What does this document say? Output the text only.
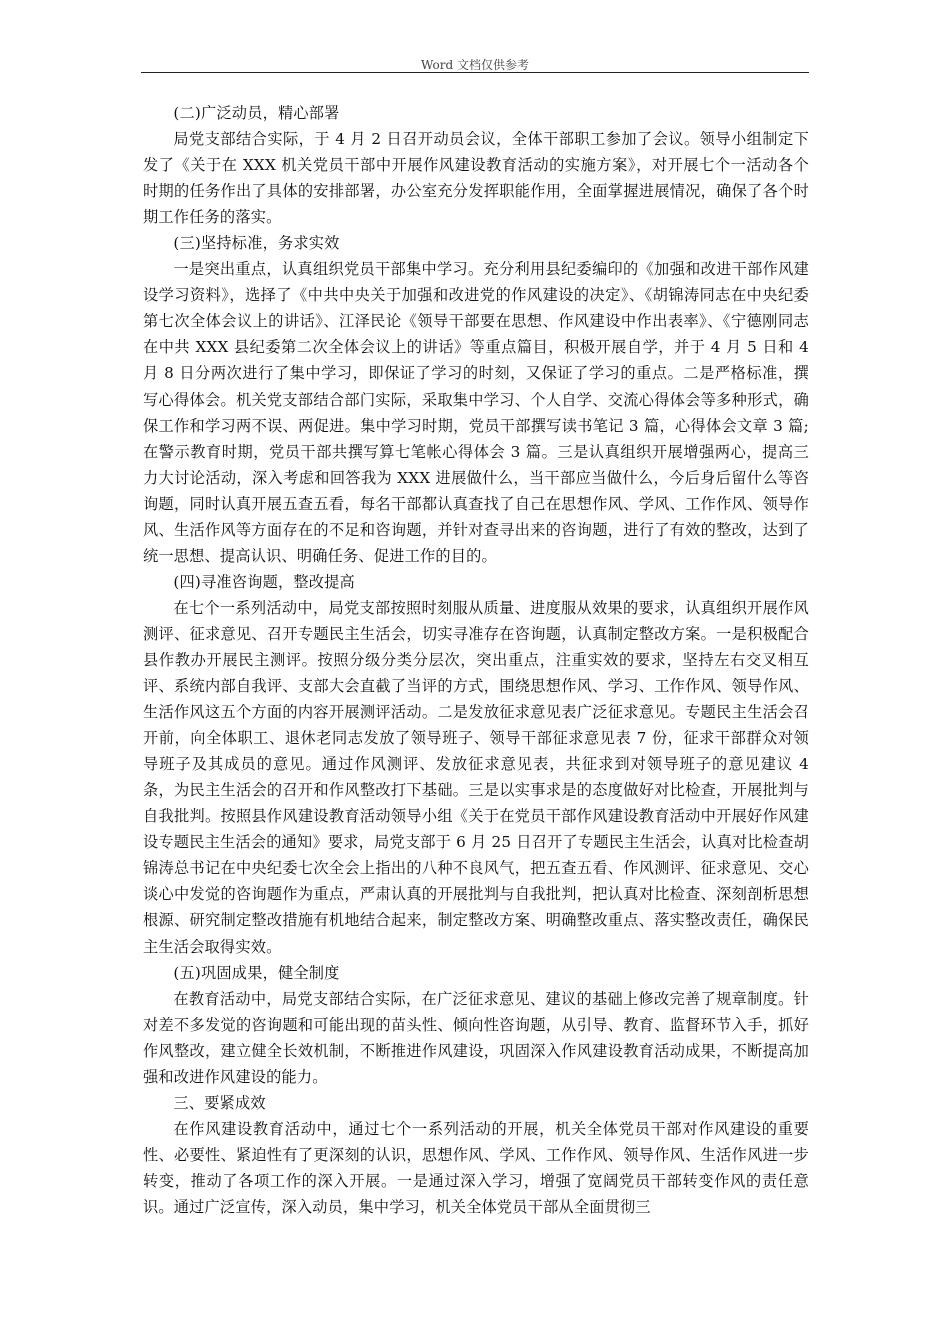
Word 文档仅供参考

(二)广泛动员，精心部署

局党支部结合实际，于 4 月 2 日召开动员会议，全体干部职工参加了会议。领导小组制定下发了《关于在 XXX 机关党员干部中开展作风建设教育活动的实施方案》，对开展七个一活动各个时期的任务作出了具体的安排部署，办公室充分发挥职能作用，全面掌握进展情况，确保了各个时期工作任务的落实。

(三)坚持标准，务求实效

一是突出重点，认真组织党员干部集中学习。充分利用县纪委编印的《加强和改进干部作风建设学习资料》，选择了《中共中央关于加强和改进党的作风建设的决定》、《胡锦涛同志在中央纪委第七次全体会议上的讲话》、江泽民论《领导干部要在思想、作风建设中作出表率》、《宁德刚同志在中共 XXX 县纪委第二次全体会议上的讲话》等重点篇目，积极开展自学，并于 4 月 5 日和 4 月 8 日分两次进行了集中学习，即保证了学习的时刻，又保证了学习的重点。二是严格标准，撰写心得体会。机关党支部结合部门实际，采取集中学习、个人自学、交流心得体会等多种形式，确保工作和学习两不误、两促进。集中学习时期，党员干部撰写读书笔记 3 篇，心得体会文章 3 篇;在警示教育时期，党员干部共撰写算七笔帐心得体会 3 篇。三是认真组织开展增强两心，提高三力大讨论活动，深入考虑和回答我为 XXX 进展做什么，当干部应当做什么，今后身后留什么等咨询题，同时认真开展五查五看，每名干部都认真查找了自己在思想作风、学风、工作作风、领导作风、生活作风等方面存在的不足和咨询题，并针对查寻出来的咨询题，进行了有效的整改，达到了统一思想、提高认识、明确任务、促进工作的目的。

(四)寻准咨询题，整改提高

在七个一系列活动中，局党支部按照时刻服从质量、进度服从效果的要求，认真组织开展作风测评、征求意见、召开专题民主生活会，切实寻准存在咨询题，认真制定整改方案。一是积极配合县作教办开展民主测评。按照分级分类分层次，突出重点，注重实效的要求，坚持左右交叉相互评、系统内部自我评、支部大会直截了当评的方式，围绕思想作风、学习、工作作风、领导作风、生活作风这五个方面的内容开展测评活动。二是发放征求意见表广泛征求意见。专题民主生活会召开前，向全体职工、退休老同志发放了领导班子、领导干部征求意见表 7 份，征求干部群众对领导班子及其成员的意见。通过作风测评、发放征求意见表，共征求到对领导班子的意见建议 4 条，为民主生活会的召开和作风整改打下基础。三是以实事求是的态度做好对比检查，开展批判与自我批判。按照县作风建设教育活动领导小组《关于在党员干部作风建设教育活动中开展好作风建设专题民主生活会的通知》要求，局党支部于 6 月 25 日召开了专题民主生活会，认真对比检查胡锦涛总书记在中央纪委七次全会上指出的八种不良风气，把五查五看、作风测评、征求意见、交心谈心中发觉的咨询题作为重点，严肃认真的开展批判与自我批判，把认真对比检查、深刻剖析思想根源、研究制定整改措施有机地结合起来，制定整改方案、明确整改重点、落实整改责任，确保民主生活会取得实效。

(五)巩固成果，健全制度

在教育活动中，局党支部结合实际，在广泛征求意见、建议的基础上修改完善了规章制度。针对差不多发觉的咨询题和可能出现的苗头性、倾向性咨询题，从引导、教育、监督环节入手，抓好作风整改，建立健全长效机制，不断推进作风建设，巩固深入作风建设教育活动成果，不断提高加强和改进作风建设的能力。

三、要紧成效

在作风建设教育活动中，通过七个一系列活动的开展，机关全体党员干部对作风建设的重要性、必要性、紧迫性有了更深刻的认识，思想作风、学风、工作作风、领导作风、生活作风进一步转变，推动了各项工作的深入开展。一是通过深入学习，增强了宽阔党员干部转变作风的责任意识。通过广泛宣传，深入动员，集中学习，机关全体党员干部从全面贯彻三
